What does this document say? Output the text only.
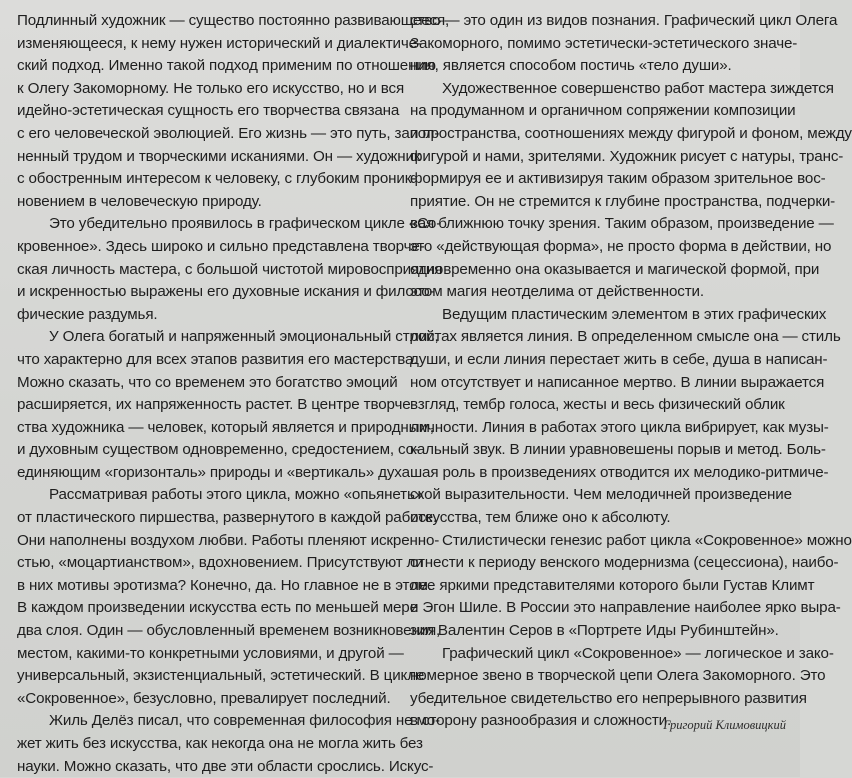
Подлинный художник — существо постоянно развивающееся,
изменяющееся, к нему нужен исторический и диалектиче-
ский подход. Именно такой подход применим по отношению
к Олегу Закоморному. Не только его искусство, но и вся
идейно-эстетическая сущность его творчества связана
с его человеческой эволюцией. Его жизнь — это путь, запол-
ненный трудом и творческими исканиями. Он — художник
с обостренным интересом к человеку, с глубоким проник-
новением в человеческую природу.
Это убедительно проявилось в графическом цикле «Со-
кровенное». Здесь широко и сильно представлена творче-
ская личность мастера, с большой чистотой мировосприятия
и искренностью выражены его духовные искания и филосо-
фические раздумья.
У Олега богатый и напряженный эмоциональный строй,
что характерно для всех этапов развития его мастерства.
Можно сказать, что со временем это богатство эмоций
расширяется, их напряженность растет. В центре творче-
ства художника — человек, который является и природным,
и духовным существом одновременно, средостением, со-
единяющим «горизонталь» природы и «вертикаль» духа.
Рассматривая работы этого цикла, можно «опьянеть»
от пластического пиршества, развернутого в каждой работе.
Они наполнены воздухом любви. Работы пленяют искренно-
стью, «моцартианством», вдохновением. Присутствуют ли
в них мотивы эротизма? Конечно, да. Но главное не в этом.
В каждом произведении искусства есть по меньшей мере
два слоя. Один — обусловленный временем возникновения,
местом, какими-то конкретными условиями, и другой —
универсальный, экзистенциальный, эстетический. В цикле
«Сокровенное», безусловно, превалирует последний.
Жиль Делёз писал, что современная философия не мо-
жет жить без искусства, как некогда она не могла жить без
науки. Можно сказать, что две эти области срослись. Искус-
ство — это один из видов познания. Графический цикл Олега
Закоморного, помимо эстетически-эстетического значе-
ния, является способом постичь «тело души».
Художественное совершенство работ мастера зиждется
на продуманном и органичном сопряжении композиции
и пространства, соотношениях между фигурой и фоном, между
фигурой и нами, зрителями. Художник рисует с натуры, транс-
формируя ее и активизируя таким образом зрительное вос-
приятие. Он не стремится к глубине пространства, подчерки-
вая ближнюю точку зрения. Таким образом, произведение —
это «действующая форма», не просто форма в действии, но
одновременно она оказывается и магической формой, при
этом магия неотделима от действенности.
Ведущим пластическим элементом в этих графических
листах является линия. В определенном смысле она — стиль
души, и если линия перестает жить в себе, душа в написан-
ном отсутствует и написанное мертво. В линии выражается
взгляд, тембр голоса, жесты и весь физический облик
личности. Линия в работах этого цикла вибрирует, как музы-
кальный звук. В линии уравновешены порыв и метод. Боль-
шая роль в произведениях отводится их мелодико-ритмиче-
ской выразительности. Чем мелодичней произведение
искусства, тем ближе оно к абсолюту.
Стилистически генезис работ цикла «Сокровенное» можно
отнести к периоду венского модернизма (сецессиона), наибо-
лее яркими представителями которого были Густав Климт
и Эгон Шиле. В России это направление наиболее ярко выра-
зил Валентин Серов в «Портрете Иды Рубинштейн».
Графический цикл «Сокровенное» — логическое и зако-
номерное звено в творческой цепи Олега Закоморного. Это
убедительное свидетельство его непрерывного развития
в сторону разнообразия и сложности.
Григорий Климовицкий
